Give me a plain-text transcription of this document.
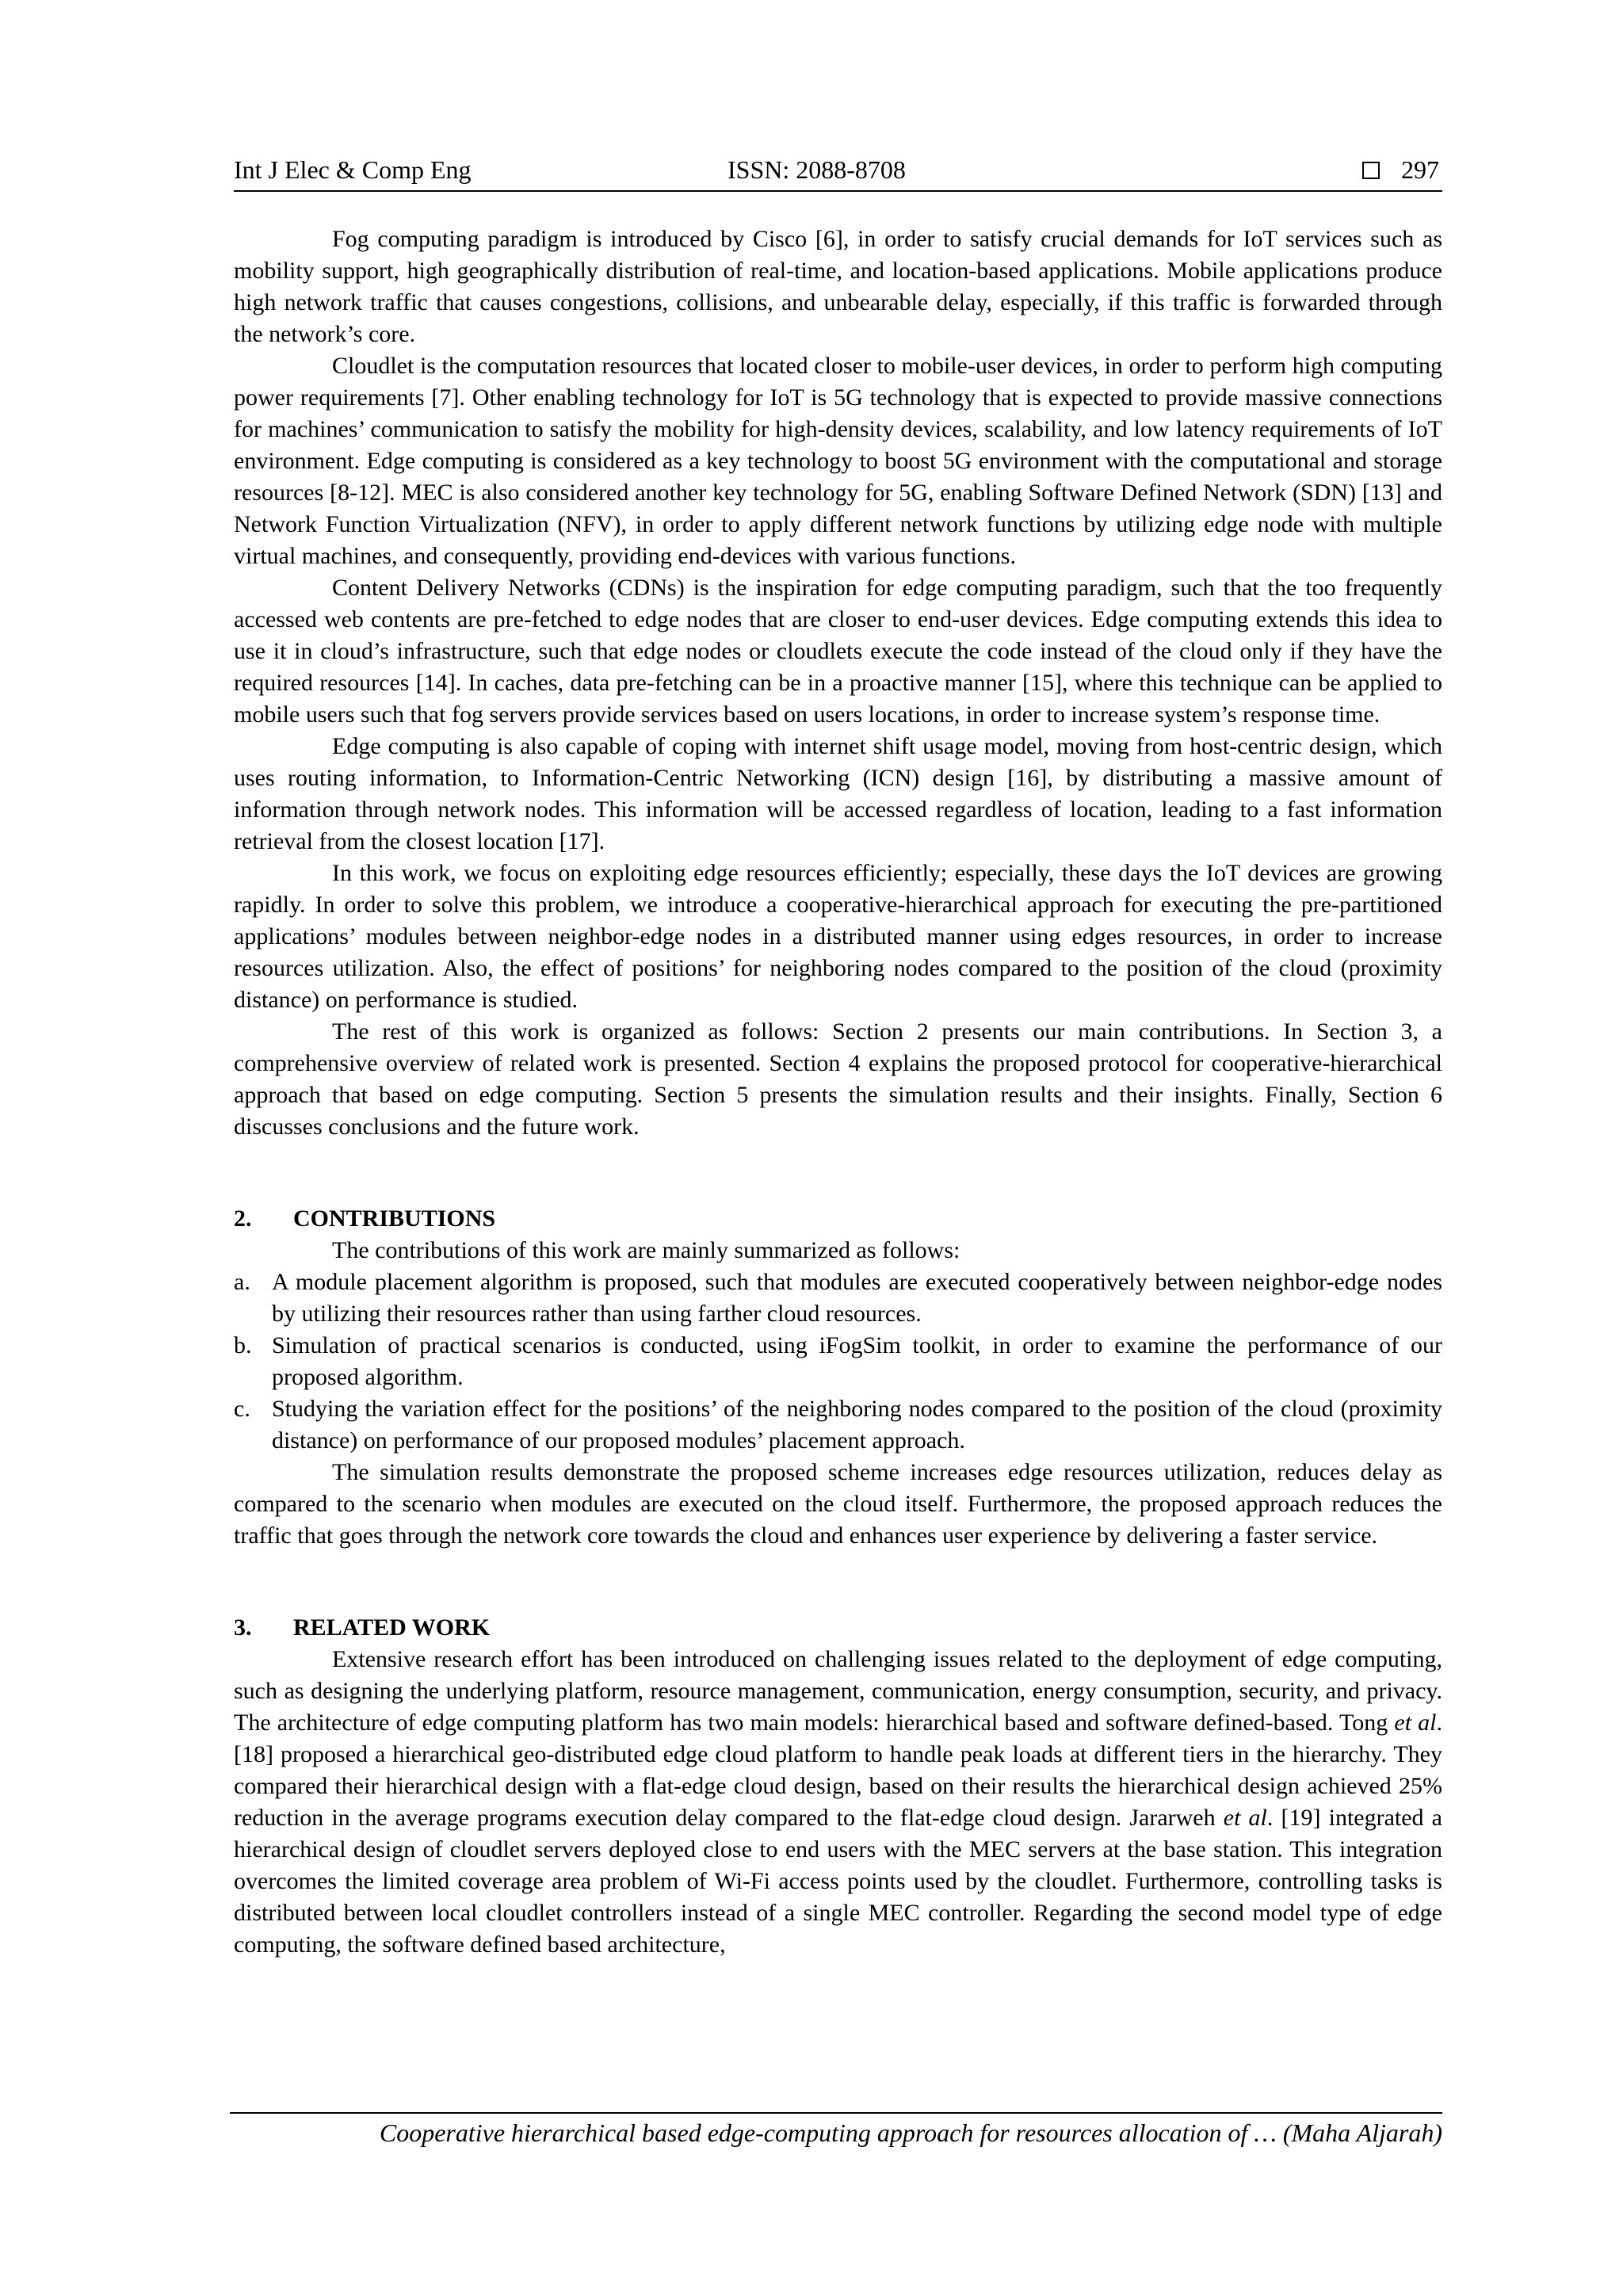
Int J Elec & Comp Eng	ISSN: 2088-8708	297

Fog computing paradigm is introduced by Cisco [6], in order to satisfy crucial demands for IoT services such as mobility support, high geographically distribution of real-time, and location-based applications. Mobile applications produce high network traffic that causes congestions, collisions, and unbearable delay, especially, if this traffic is forwarded through the network’s core.

Cloudlet is the computation resources that located closer to mobile-user devices, in order to perform high computing power requirements [7]. Other enabling technology for IoT is 5G technology that is expected to provide massive connections for machines’ communication to satisfy the mobility for high-density devices, scalability, and low latency requirements of IoT environment. Edge computing is considered as a key technology to boost 5G environment with the computational and storage resources [8-12]. MEC is also considered another key technology for 5G, enabling Software Defined Network (SDN) [13] and Network Function Virtualization (NFV), in order to apply different network functions by utilizing edge node with multiple virtual machines, and consequently, providing end-devices with various functions.

Content Delivery Networks (CDNs) is the inspiration for edge computing paradigm, such that the too frequently accessed web contents are pre-fetched to edge nodes that are closer to end-user devices. Edge computing extends this idea to use it in cloud’s infrastructure, such that edge nodes or cloudlets execute the code instead of the cloud only if they have the required resources [14]. In caches, data pre-fetching can be in a proactive manner [15], where this technique can be applied to mobile users such that fog servers provide services based on users locations, in order to increase system’s response time.

Edge computing is also capable of coping with internet shift usage model, moving from host-centric design, which uses routing information, to Information-Centric Networking (ICN) design [16], by distributing a massive amount of information through network nodes. This information will be accessed regardless of location, leading to a fast information retrieval from the closest location [17].

In this work, we focus on exploiting edge resources efficiently; especially, these days the IoT devices are growing rapidly. In order to solve this problem, we introduce a cooperative-hierarchical approach for executing the pre-partitioned applications’ modules between neighbor-edge nodes in a distributed manner using edges resources, in order to increase resources utilization. Also, the effect of positions’ for neighboring nodes compared to the position of the cloud (proximity distance) on performance is studied.

The rest of this work is organized as follows: Section 2 presents our main contributions. In Section 3, a comprehensive overview of related work is presented. Section 4 explains the proposed protocol for cooperative-hierarchical approach that based on edge computing. Section 5 presents the simulation results and their insights. Finally, Section 6 discusses conclusions and the future work.

2. CONTRIBUTIONS

The contributions of this work are mainly summarized as follows:

a. A module placement algorithm is proposed, such that modules are executed cooperatively between neighbor-edge nodes by utilizing their resources rather than using farther cloud resources.
b. Simulation of practical scenarios is conducted, using iFogSim toolkit, in order to examine the performance of our proposed algorithm.
c. Studying the variation effect for the positions’ of the neighboring nodes compared to the position of the cloud (proximity distance) on performance of our proposed modules’ placement approach.

The simulation results demonstrate the proposed scheme increases edge resources utilization, reduces delay as compared to the scenario when modules are executed on the cloud itself. Furthermore, the proposed approach reduces the traffic that goes through the network core towards the cloud and enhances user experience by delivering a faster service.

3. RELATED WORK

Extensive research effort has been introduced on challenging issues related to the deployment of edge computing, such as designing the underlying platform, resource management, communication, energy consumption, security, and privacy. The architecture of edge computing platform has two main models: hierarchical based and software defined-based. Tong et al. [18] proposed a hierarchical geo-distributed edge cloud platform to handle peak loads at different tiers in the hierarchy. They compared their hierarchical design with a flat-edge cloud design, based on their results the hierarchical design achieved 25% reduction in the average programs execution delay compared to the flat-edge cloud design. Jararweh et al. [19] integrated a hierarchical design of cloudlet servers deployed close to end users with the MEC servers at the base station. This integration overcomes the limited coverage area problem of Wi-Fi access points used by the cloudlet. Furthermore, controlling tasks is distributed between local cloudlet controllers instead of a single MEC controller. Regarding the second model type of edge computing, the software defined based architecture,

Cooperative hierarchical based edge-computing approach for resources allocation of … (Maha Aljarah)
